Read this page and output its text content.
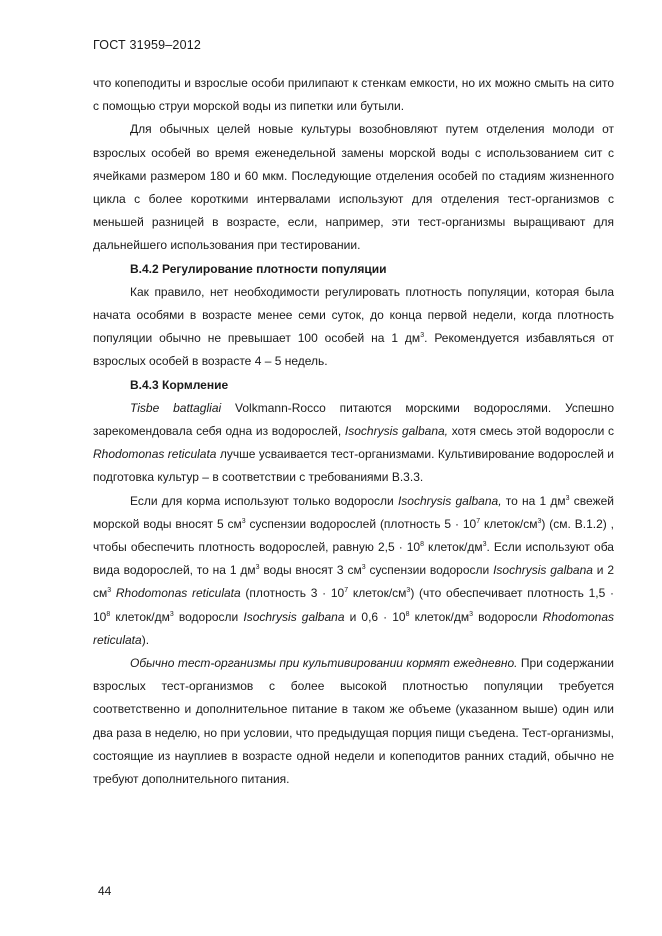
ГОСТ 31959–2012

что копеподиты и взрослые особи прилипают к стенкам емкости, но их можно смыть на сито с помощью струи морской воды из пипетки или бутыли.

Для обычных целей новые культуры возобновляют путем отделения молоди от взрослых особей во время еженедельной замены морской воды с использованием сит с ячейками размером 180 и 60 мкм. Последующие отделения особей по стадиям жизненного цикла с более короткими интервалами используют для отделения тест-организмов с меньшей разницей в возрасте, если, например, эти тест-организмы выращивают для дальнейшего использования при тестировании.

В.4.2 Регулирование плотности популяции

Как правило, нет необходимости регулировать плотность популяции, которая была начата особями в возрасте менее семи суток, до конца первой недели, когда плотность популяции обычно не превышает 100 особей на 1 $дм^3$. Рекомендуется избавляться от взрослых особей в возрасте 4 – 5 недель.

В.4.3 Кормление

Tisbe battagliai Volkmann-Rocco питаются морскими водорослями. Успешно зарекомендовала себя одна из водорослей, Isochrysis galbana, хотя смесь этой водоросли с Rhodomonas reticulata лучше усваивается тест-организмами. Культивирование водорослей и подготовка культур – в соответствии с требованиями В.3.3.

Если для корма используют только водоросли Isochrysis galbana, то на 1 $дм^3$ свежей морской воды вносят 5 $см^3$ суспензии водорослей (плотность $5 \cdot 10^7$ клеток/$см^3$) (см. В.1.2) , чтобы обеспечить плотность водорослей, равную $2,5 \cdot 10^8$ клеток/$дм^3$. Если используют оба вида водорослей, то на 1 $дм^3$ воды вносят 3 $см^3$ суспензии водоросли Isochrysis galbana и 2 $см^3$ Rhodomonas reticulata (плотность $3 \cdot 10^7$ клеток/$см^3$) (что обеспечивает плотность $1,5 \cdot 10^8$ клеток/$дм^3$ водоросли Isochrysis galbana и $0,6 \cdot 10^8$ клеток/$дм^3$ водоросли Rhodomonas reticulata).

Обычно тест-организмы при культивировании кормят ежедневно. При содержании взрослых тест-организмов с более высокой плотностью популяции требуется соответственно и дополнительное питание в таком же объеме (указанном выше) один или два раза в неделю, но при условии, что предыдущая порция пищи съедена. Тест-организмы, состоящие из науплиев в возрасте одной недели и копеподитов ранних стадий, обычно не требуют дополнительного питания.

44
